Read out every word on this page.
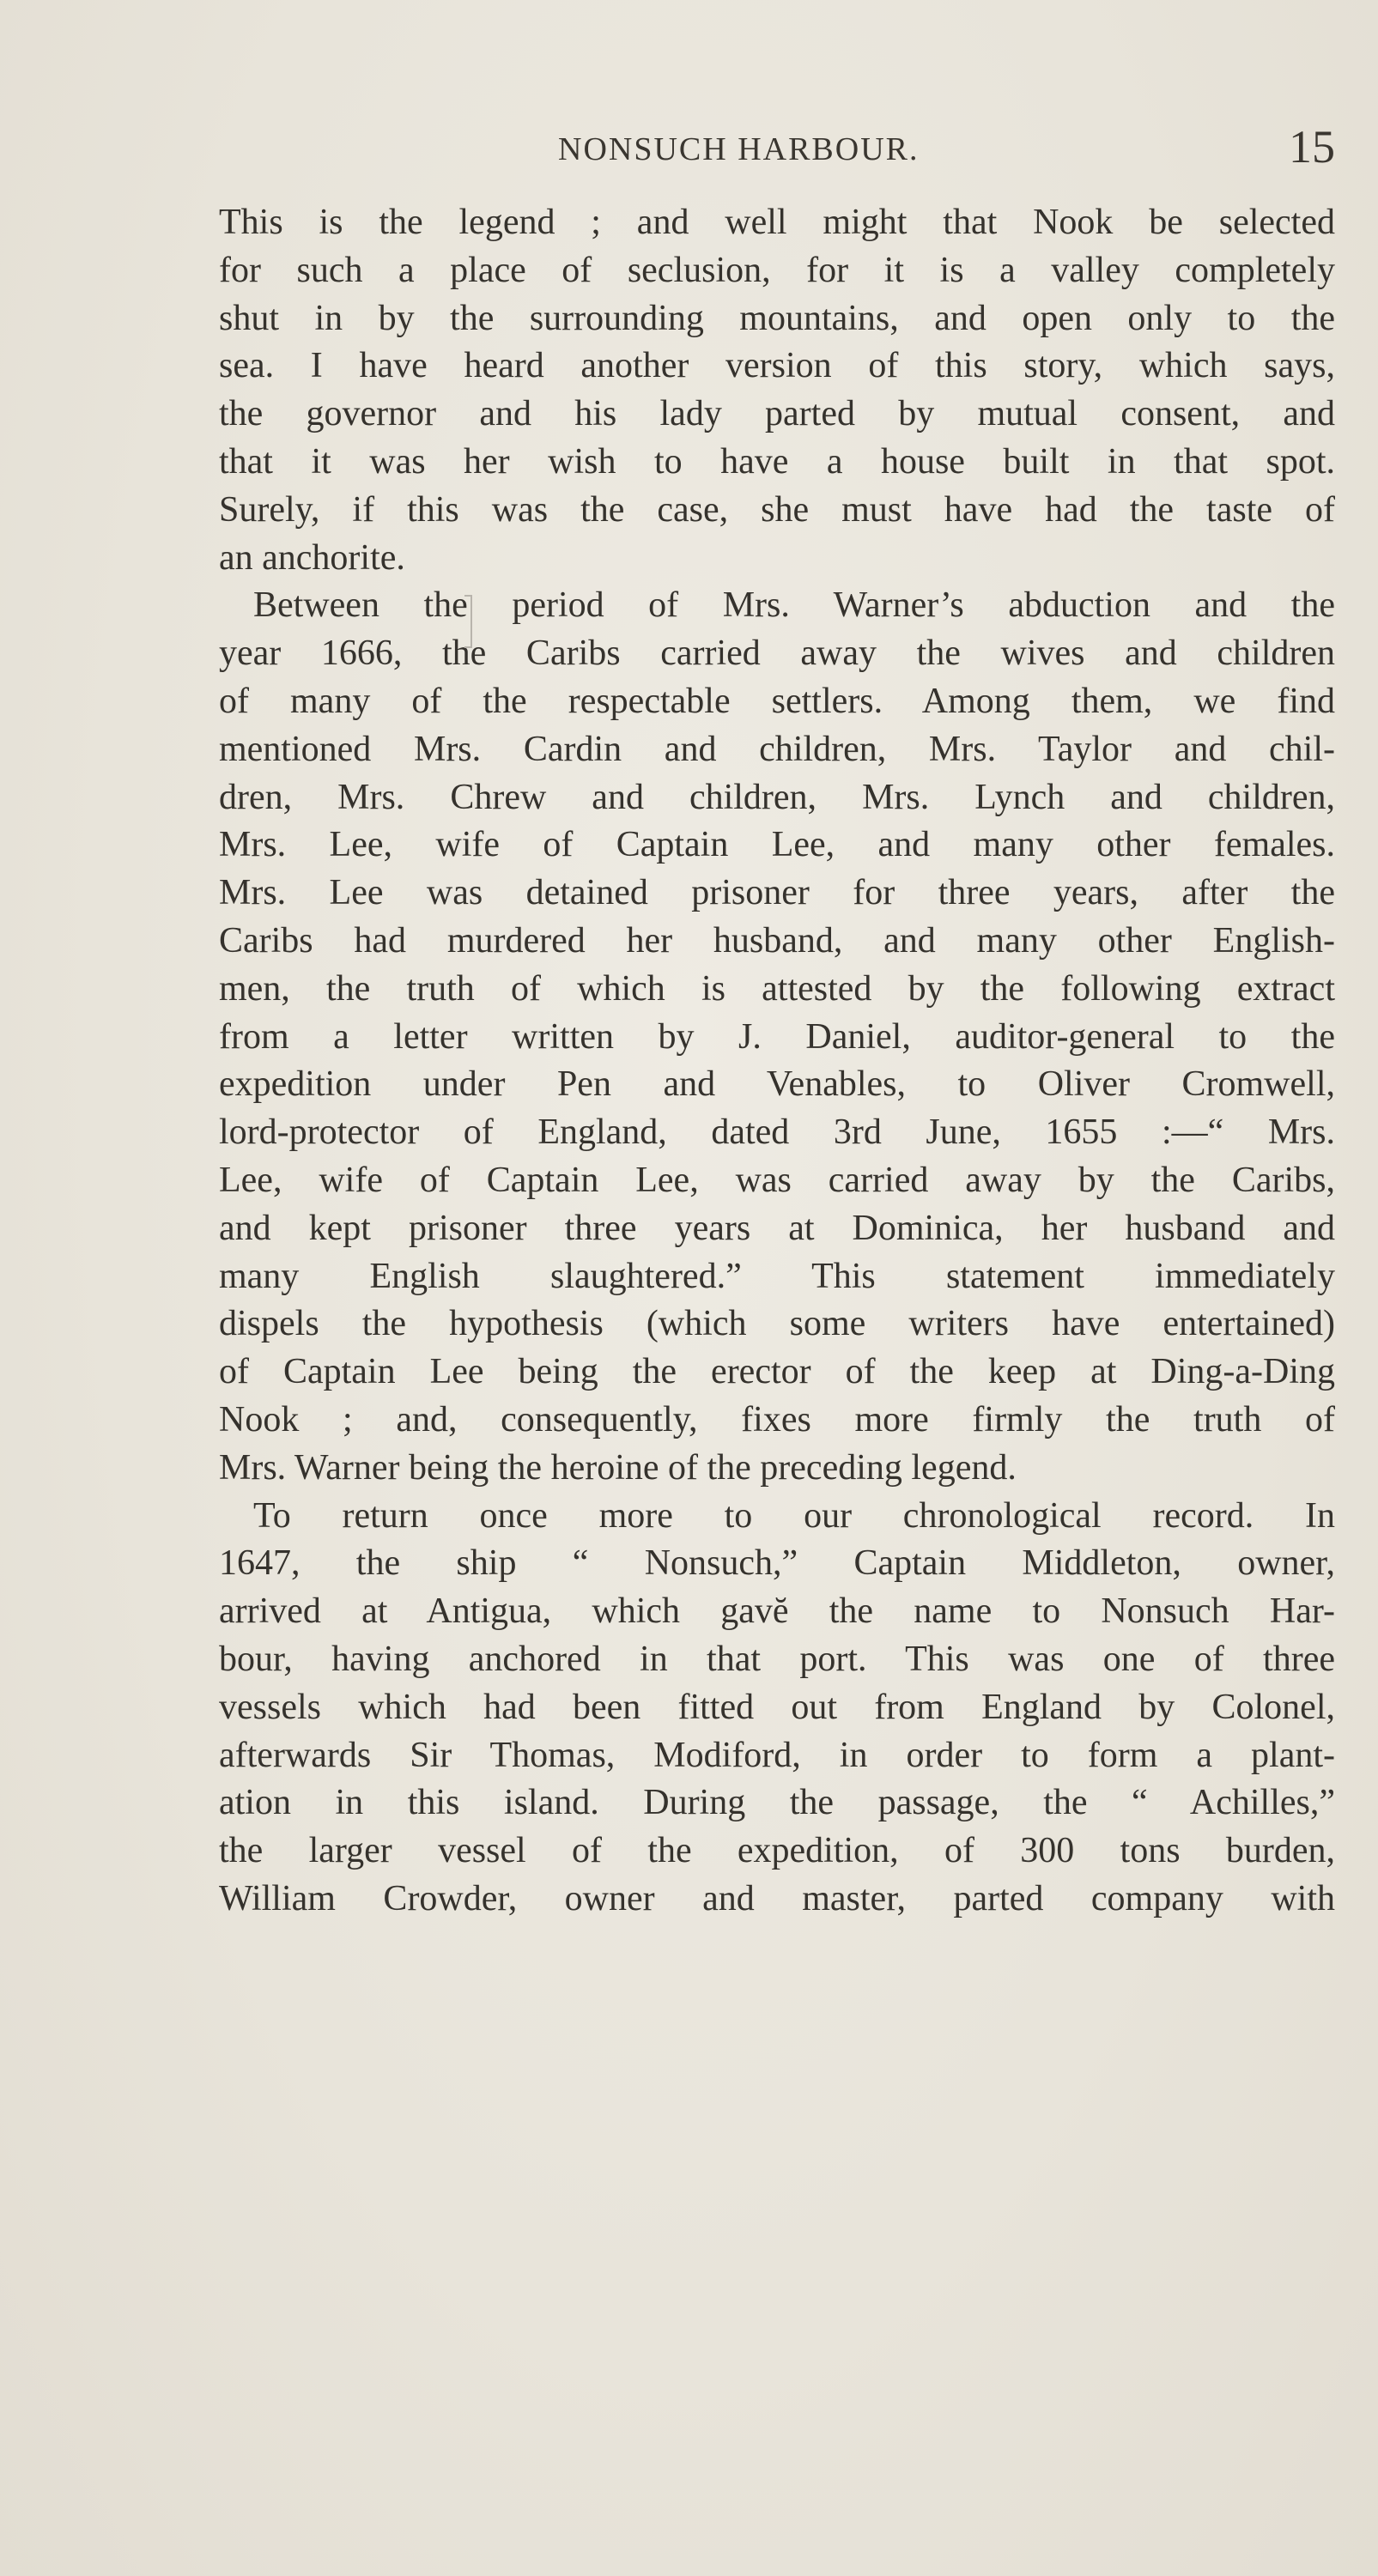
NONSUCH HARBOUR.	15
This is the legend ; and well might that Nook be selected
for such a place of seclusion, for it is a valley completely
shut in by the surrounding mountains, and open only to the
sea. I have heard another version of this story, which says,
the governor and his lady parted by mutual consent, and
that it was her wish to have a house built in that spot.
Surely, if this was the case, she must have had the taste of
an anchorite.
Between the period of Mrs. Warner’s abduction and the
year 1666, the Caribs carried away the wives and children
of many of the respectable settlers. Among them, we find
mentioned Mrs. Cardin and children, Mrs. Taylor and chil-
dren, Mrs. Chrew and children, Mrs. Lynch and children,
Mrs. Lee, wife of Captain Lee, and many other females.
Mrs. Lee was detained prisoner for three years, after the
Caribs had murdered her husband, and many other English-
men, the truth of which is attested by the following extract
from a letter written by J. Daniel, auditor-general to the
expedition under Pen and Venables, to Oliver Cromwell,
lord-protector of England, dated 3rd June, 1655 :—“ Mrs.
Lee, wife of Captain Lee, was carried away by the Caribs,
and kept prisoner three years at Dominica, her husband and
many English slaughtered.” This statement immediately
dispels the hypothesis (which some writers have entertained)
of Captain Lee being the erector of the keep at Ding-a-Ding
Nook ; and, consequently, fixes more firmly the truth of
Mrs. Warner being the heroine of the preceding legend.
To return once more to our chronological record. In
1647, the ship “ Nonsuch,” Captain Middleton, owner,
arrived at Antigua, which gavĕ the name to Nonsuch Har-
bour, having anchored in that port. This was one of three
vessels which had been fitted out from England by Colonel,
afterwards Sir Thomas, Modiford, in order to form a plant-
ation in this island. During the passage, the “ Achilles,”
the larger vessel of the expedition, of 300 tons burden,
William Crowder, owner and master, parted company with
